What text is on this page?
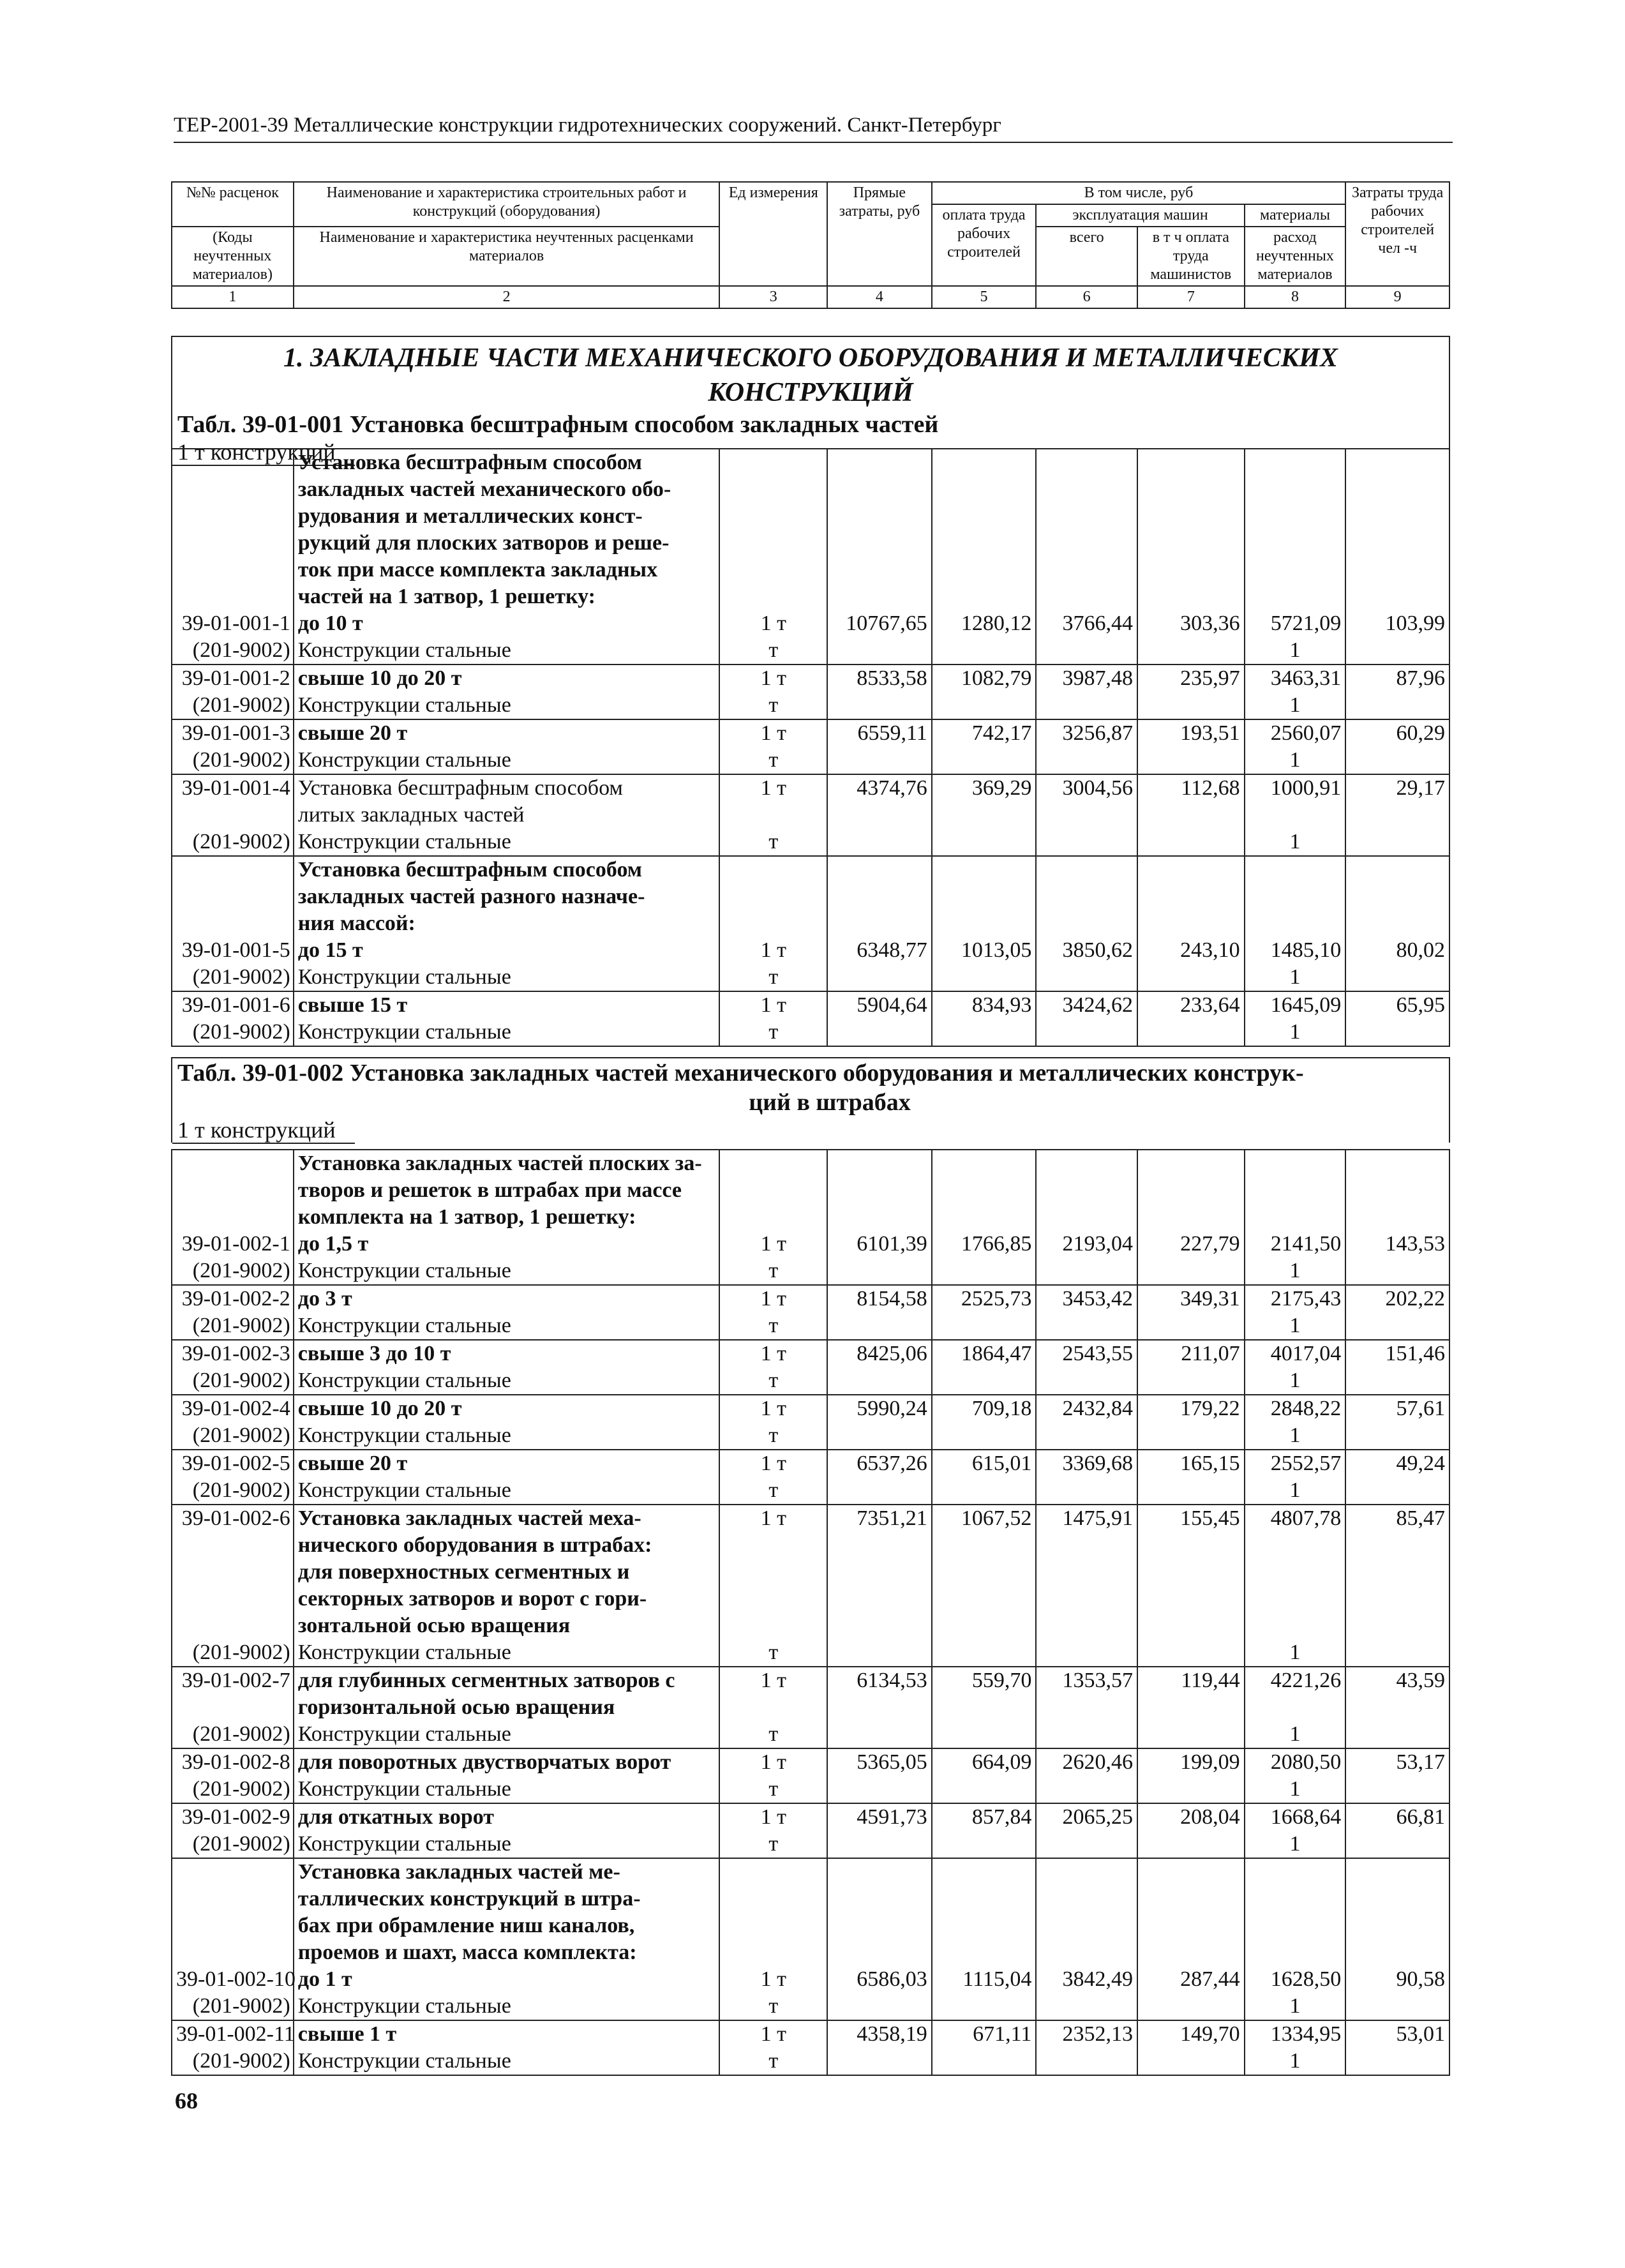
ТЕР-2001-39 Металлические конструкции гидротехнических сооружений. Санкт-Петербург
№№ расценок	Наименование и характеристика строительных работ и конструкций (оборудования)	Ед измерения	Прямые затраты, руб	В том числе, руб				Затраты труда рабочих строителей чел -ч
				оплата труда рабочих строителей	эксплуатация машин		материалы	
(Коды неучтенных материалов)	Наименование и характеристика неучтенных расценками материалов				всего	в т ч оплата труда машинистов	расход неучтенных материалов	

1	2	3	4	5	6	7	8	9
1. ЗАКЛАДНЫЕ ЧАСТИ МЕХАНИЧЕСКОГО ОБОРУДОВАНИЯ И МЕТАЛЛИЧЕСКИХ КОНСТРУКЦИЙ
Табл. 39-01-001 Установка бесштрафным способом закладных частей
1 т конструкций
	Установка бесштрафным способом							
	закладных частей механического обо-							
	рудования и металлических конст-							
	рукций для плоских затворов и реше-							
	ток при массе комплекта закладных							
	частей на 1 затвор, 1 решетку:							
39-01-001-1	до 10 т	1 т	10767,65	1280,12	3766,44	303,36	5721,09	103,99
(201-9002)	Конструкции стальные	т					1	
39-01-001-2	свыше 10 до 20 т	1 т	8533,58	1082,79	3987,48	235,97	3463,31	87,96
(201-9002)	Конструкции стальные	т					1	
39-01-001-3	свыше 20 т	1 т	6559,11	742,17	3256,87	193,51	2560,07	60,29
(201-9002)	Конструкции стальные	т					1	
39-01-001-4	Установка бесштрафным способом	1 т	4374,76	369,29	3004,56	112,68	1000,91	29,17
	литых закладных частей							
(201-9002)	Конструкции стальные	т					1	
	Установка бесштрафным способом							
	закладных частей разного назначе-							
	ния массой:							
39-01-001-5	до 15 т	1 т	6348,77	1013,05	3850,62	243,10	1485,10	80,02
(201-9002)	Конструкции стальные	т					1	
39-01-001-6	свыше 15 т	1 т	5904,64	834,93	3424,62	233,64	1645,09	65,95
(201-9002)	Конструкции стальные	т					1	
Табл. 39-01-002 Установка закладных частей механического оборудования и металлических конструк-
ций в штрабах
1 т конструкций
	Установка закладных частей плоских за-							
	творов и решеток в штрабах при массе							
	комплекта на 1 затвор, 1 решетку:							
39-01-002-1	до 1,5 т	1 т	6101,39	1766,85	2193,04	227,79	2141,50	143,53
(201-9002)	Конструкции стальные	т					1	
39-01-002-2	до 3 т	1 т	8154,58	2525,73	3453,42	349,31	2175,43	202,22
(201-9002)	Конструкции стальные	т					1	
39-01-002-3	свыше 3 до 10 т	1 т	8425,06	1864,47	2543,55	211,07	4017,04	151,46
(201-9002)	Конструкции стальные	т					1	
39-01-002-4	свыше 10 до 20 т	1 т	5990,24	709,18	2432,84	179,22	2848,22	57,61
(201-9002)	Конструкции стальные	т					1	
39-01-002-5	свыше 20 т	1 т	6537,26	615,01	3369,68	165,15	2552,57	49,24
(201-9002)	Конструкции стальные	т					1	
39-01-002-6	Установка закладных частей меха-	1 т	7351,21	1067,52	1475,91	155,45	4807,78	85,47
	нического оборудования в штрабах:							
	для поверхностных сегментных и							
	секторных затворов и ворот с гори-							
	зонтальной осью вращения							
(201-9002)	Конструкции стальные	т					1	
39-01-002-7	для глубинных сегментных затворов с	1 т	6134,53	559,70	1353,57	119,44	4221,26	43,59
	горизонтальной осью вращения							
(201-9002)	Конструкции стальные	т					1	
39-01-002-8	для поворотных двустворчатых ворот	1 т	5365,05	664,09	2620,46	199,09	2080,50	53,17
(201-9002)	Конструкции стальные	т					1	
39-01-002-9	для откатных ворот	1 т	4591,73	857,84	2065,25	208,04	1668,64	66,81
(201-9002)	Конструкции стальные	т					1	
	Установка закладных частей ме-							
	таллических конструкций в штра-							
	бах при обрамление ниш каналов,							
	проемов и шахт, масса комплекта:							
39-01-002-10	до 1 т	1 т	6586,03	1115,04	3842,49	287,44	1628,50	90,58
(201-9002)	Конструкции стальные	т					1	
39-01-002-11	свыше 1 т	1 т	4358,19	671,11	2352,13	149,70	1334,95	53,01
(201-9002)	Конструкции стальные	т					1	
68
